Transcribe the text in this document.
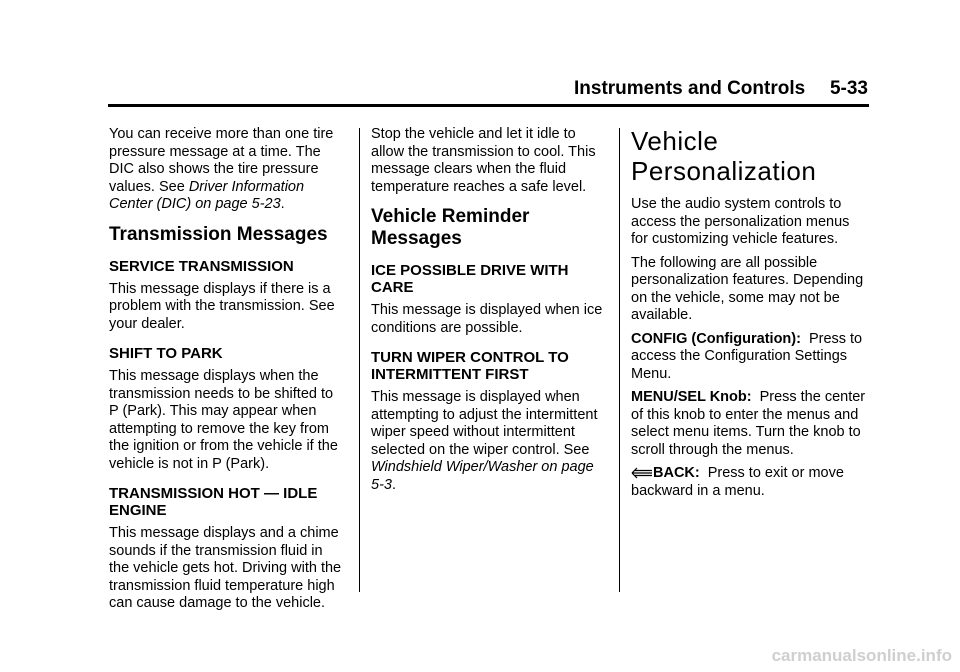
Instruments and Controls 5-33

You can receive more than one tire pressure message at a time. The DIC also shows the tire pressure values. See Driver Information Center (DIC) on page 5-23.

Transmission Messages
SERVICE TRANSMISSION

This message displays if there is a problem with the transmission. See your dealer.

SHIFT TO PARK

This message displays when the transmission needs to be shifted to P (Park). This may appear when attempting to remove the key from the ignition or from the vehicle if the vehicle is not in P (Park).

TRANSMISSION HOT — IDLE ENGINE

This message displays and a chime sounds if the transmission fluid in the vehicle gets hot. Driving with the transmission fluid temperature high can cause damage to the vehicle.

Stop the vehicle and let it idle to allow the transmission to cool. This message clears when the fluid temperature reaches a safe level.

Vehicle Reminder Messages
ICE POSSIBLE DRIVE WITH CARE

This message is displayed when ice conditions are possible.

TURN WIPER CONTROL TO INTERMITTENT FIRST

This message is displayed when attempting to adjust the intermittent wiper speed without intermittent selected on the wiper control. See Windshield Wiper/Washer on page 5-3.

Vehicle Personalization

Use the audio system controls to access the personalization menus for customizing vehicle features.

The following are all possible personalization features. Depending on the vehicle, some may not be available.

CONFIG (Configuration): Press to access the Configuration Settings Menu.

MENU/SEL Knob: Press the center of this knob to enter the menus and select menu items. Turn the knob to scroll through the menus.

BACK: Press to exit or move backward in a menu.

carmanualsonline.info
